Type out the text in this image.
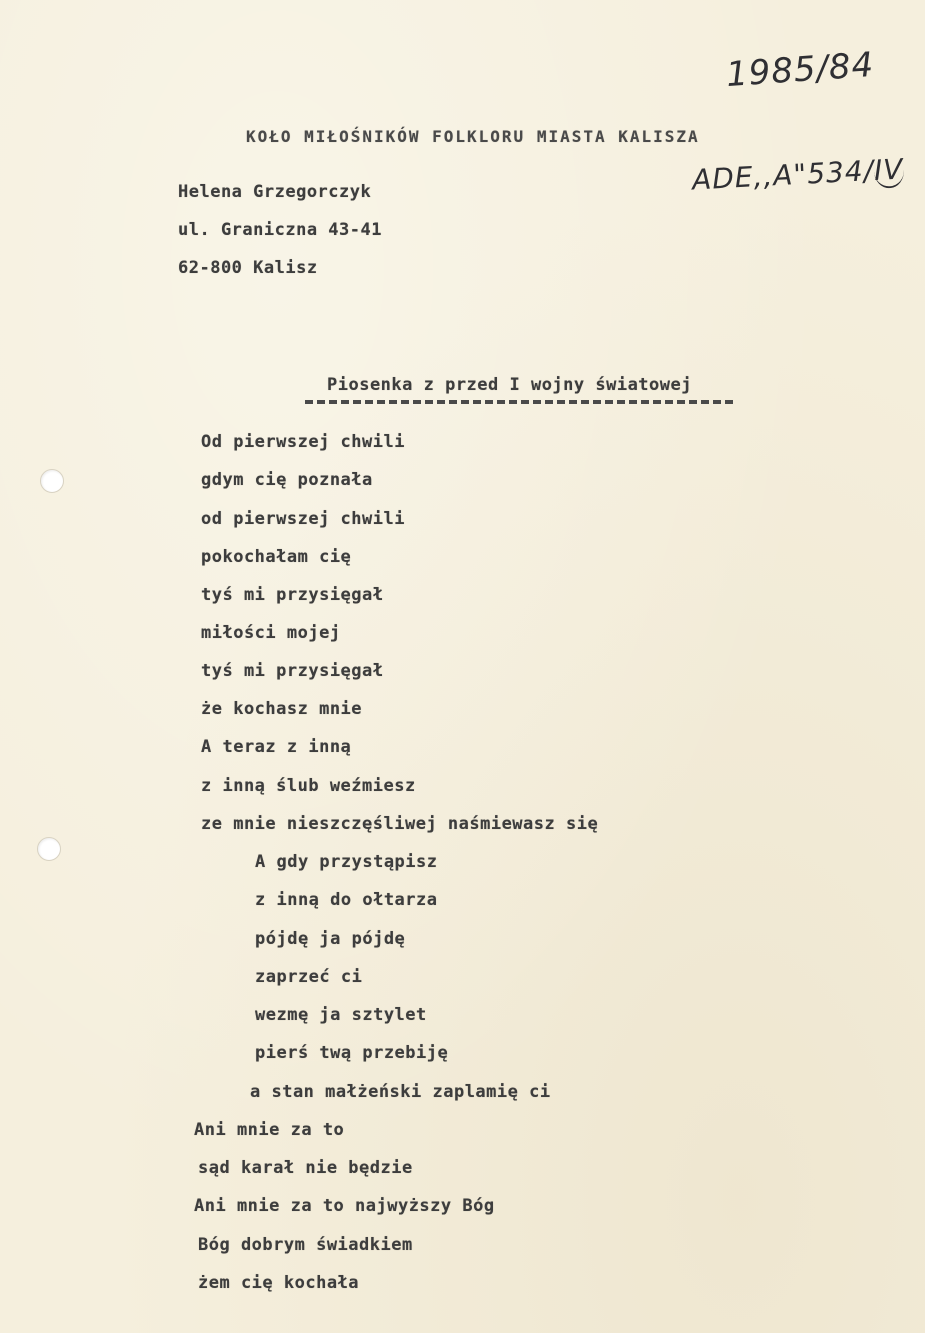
1985/84
ADE,,A"534/IV
KOŁO MIŁOŚNIKÓW FOLKLORU MIASTA KALISZA
Helena Grzegorczyk
ul. Graniczna 43-41
62-800 Kalisz
Piosenka z przed I wojny światowej
Od pierwszej chwili
gdym cię poznała
od pierwszej chwili
pokochałam cię
tyś mi przysięgał
miłości mojej
tyś mi przysięgał
że kochasz mnie
A teraz z inną
z inną ślub weźmiesz
ze mnie nieszczęśliwej naśmiewasz się
A gdy przystąpisz
z inną do ołtarza
pójdę ja pójdę
zaprzeć ci
wezmę ja sztylet
pierś twą przebiję
a stan małżeński zaplamię ci
Ani mnie za to
sąd karał nie będzie
Ani mnie za to najwyższy Bóg
Bóg dobrym świadkiem
żem cię kochała
